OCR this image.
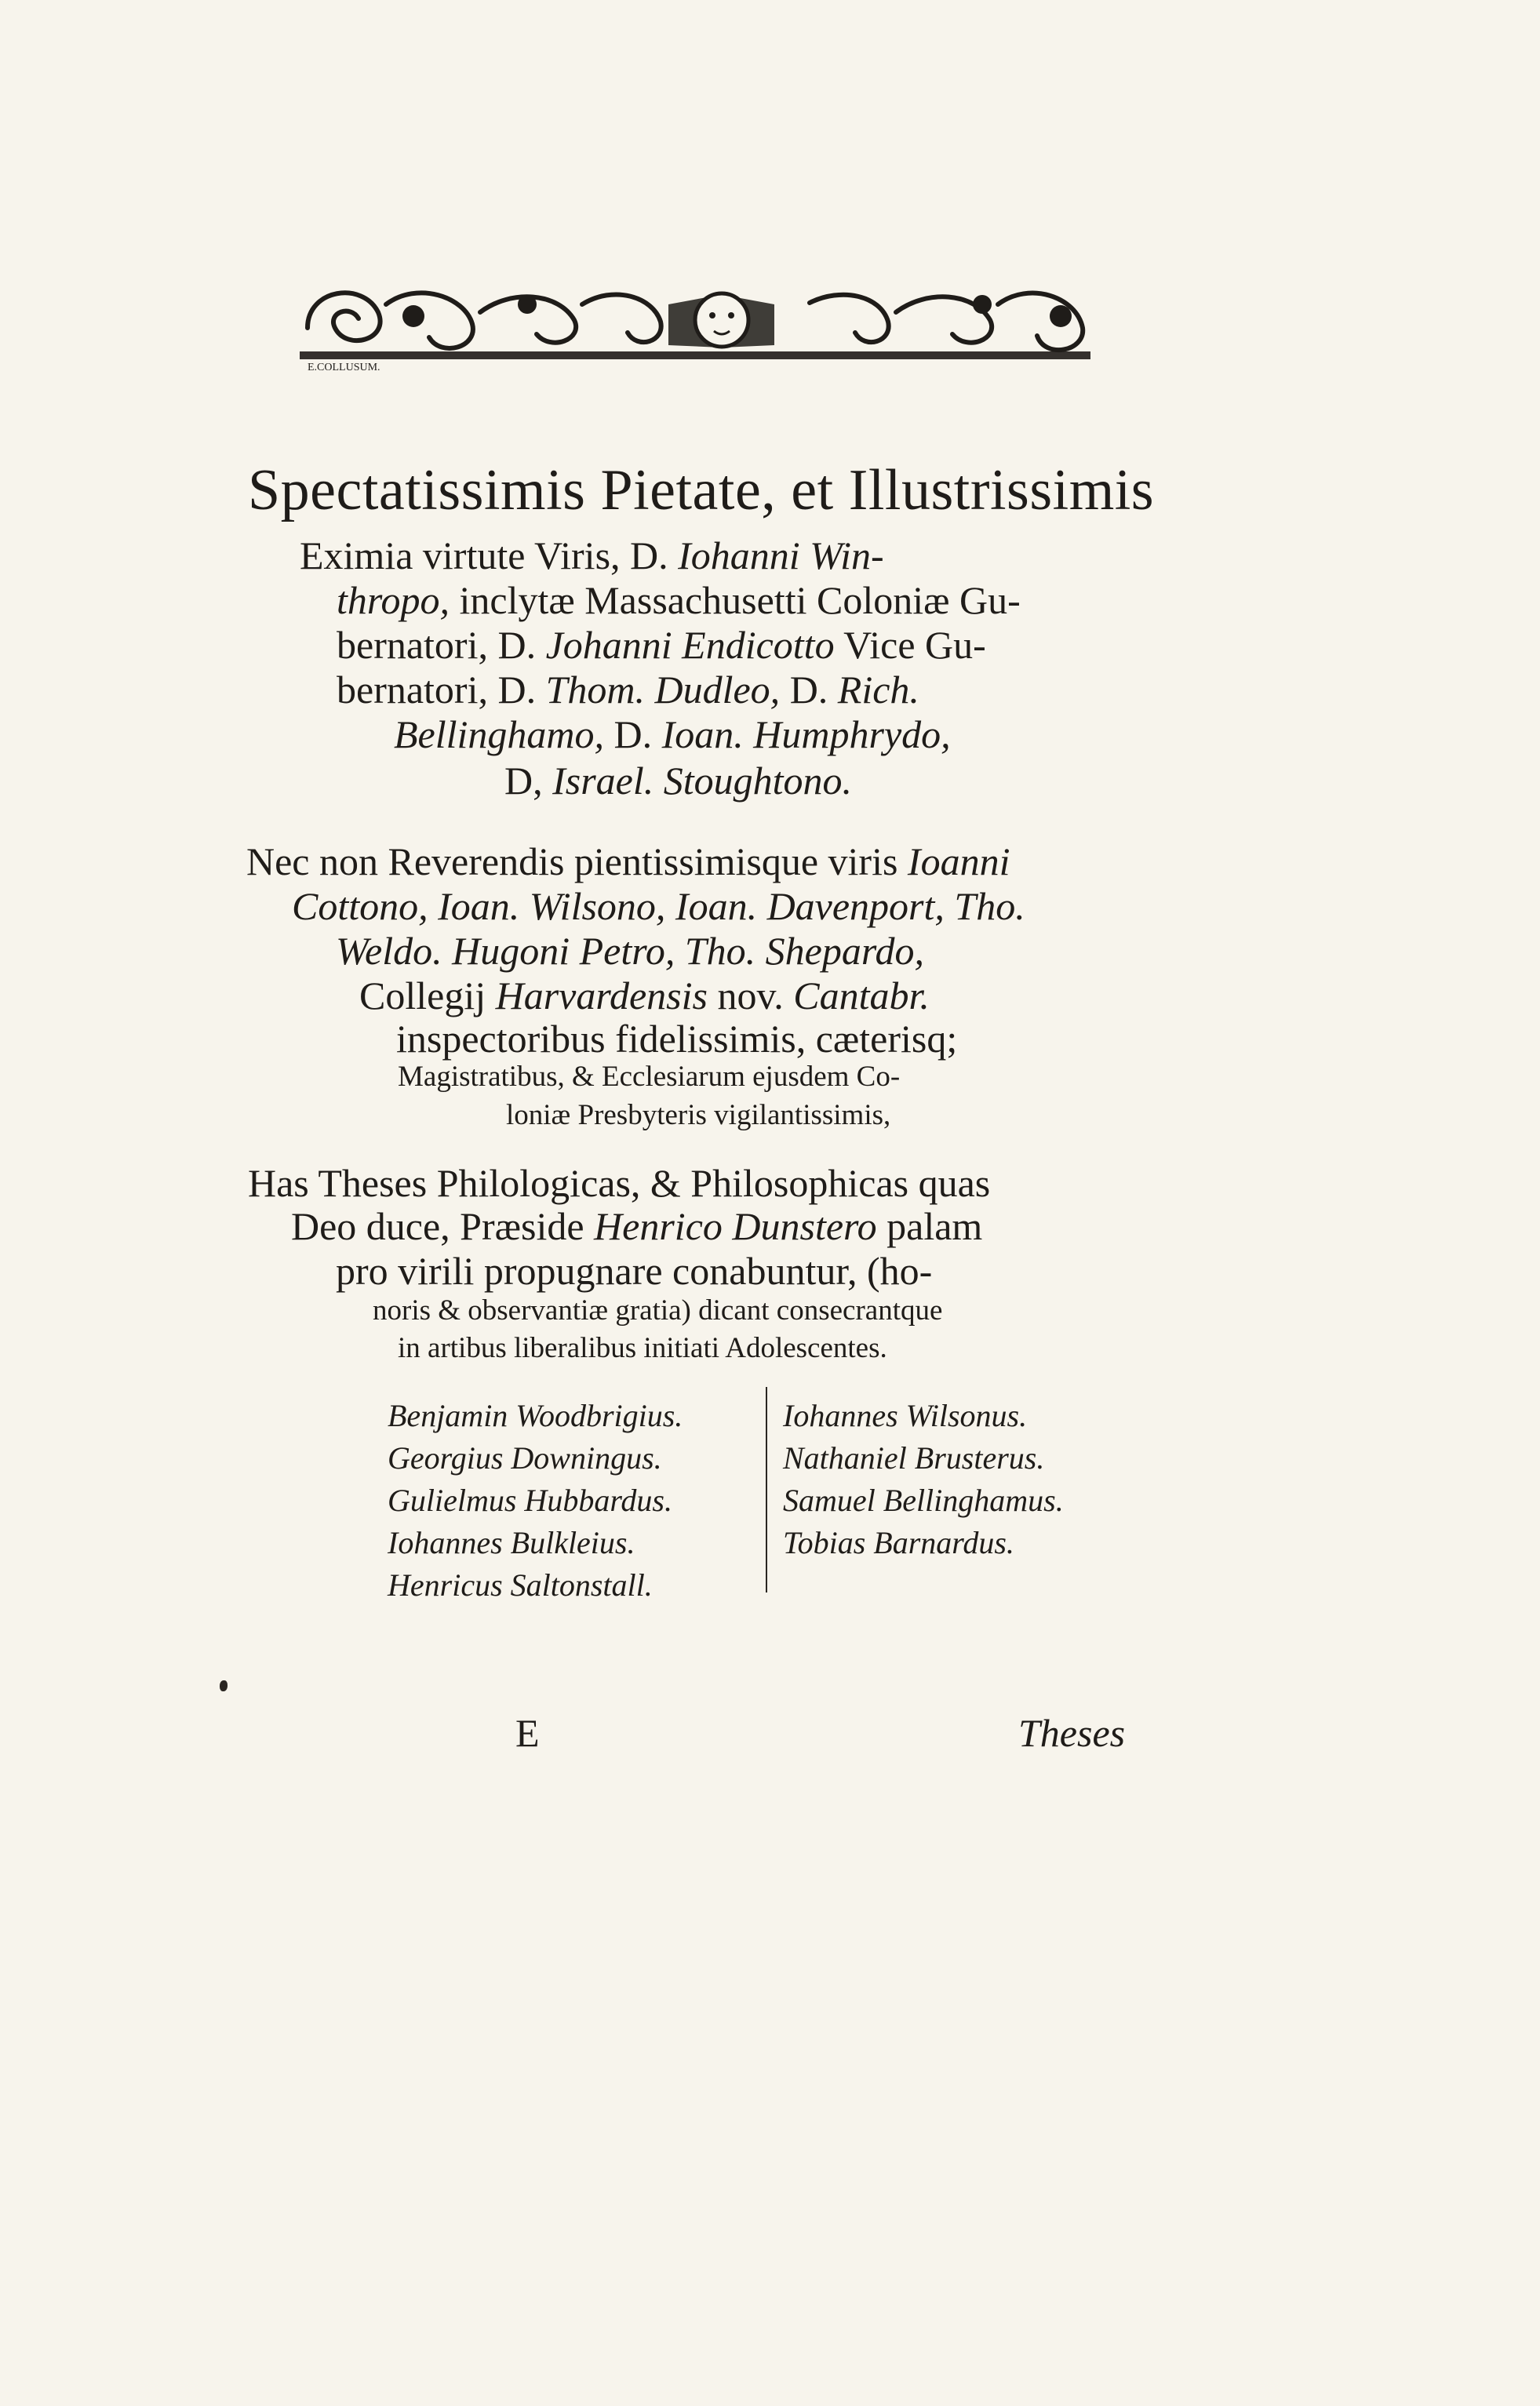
E.COLLUSUM.
Spectatissimis Pietate, et Illustrissimis
Eximia virtute Viris, D. Iohanni Win-
thropo, inclytæ Massachusetti Coloniæ Gu-
bernatori, D. Johanni Endicotto Vice Gu-
bernatori, D. Thom. Dudleo, D. Rich.
Bellinghamo, D. Ioan. Humphrydo,
D, Israel. Stoughtono.
Nec non Reverendis pientissimisque viris Ioanni
Cottono, Ioan. Wilsono, Ioan. Davenport, Tho.
Weldo. Hugoni Petro, Tho. Shepardo,
Collegij Harvardensis nov. Cantabr.
inspectoribus fidelissimis, cæterisq;
Magistratibus, & Ecclesiarum ejusdem Co-
loniæ Presbyteris vigilantissimis,
Has Theses Philologicas, & Philosophicas quas
Deo duce, Præside Henrico Dunstero palam
pro virili propugnare conabuntur, (ho-
noris & observantiæ gratia) dicant consecrantque
in artibus liberalibus initiati Adolescentes.
Benjamin Woodbrigius.
Georgius Downingus.
Gulielmus Hubbardus.
Iohannes Bulkleius.
Henricus Saltonstall.
Iohannes Wilsonus.
Nathaniel Brusterus.
Samuel Bellinghamus.
Tobias Barnardus.
E	Theses
